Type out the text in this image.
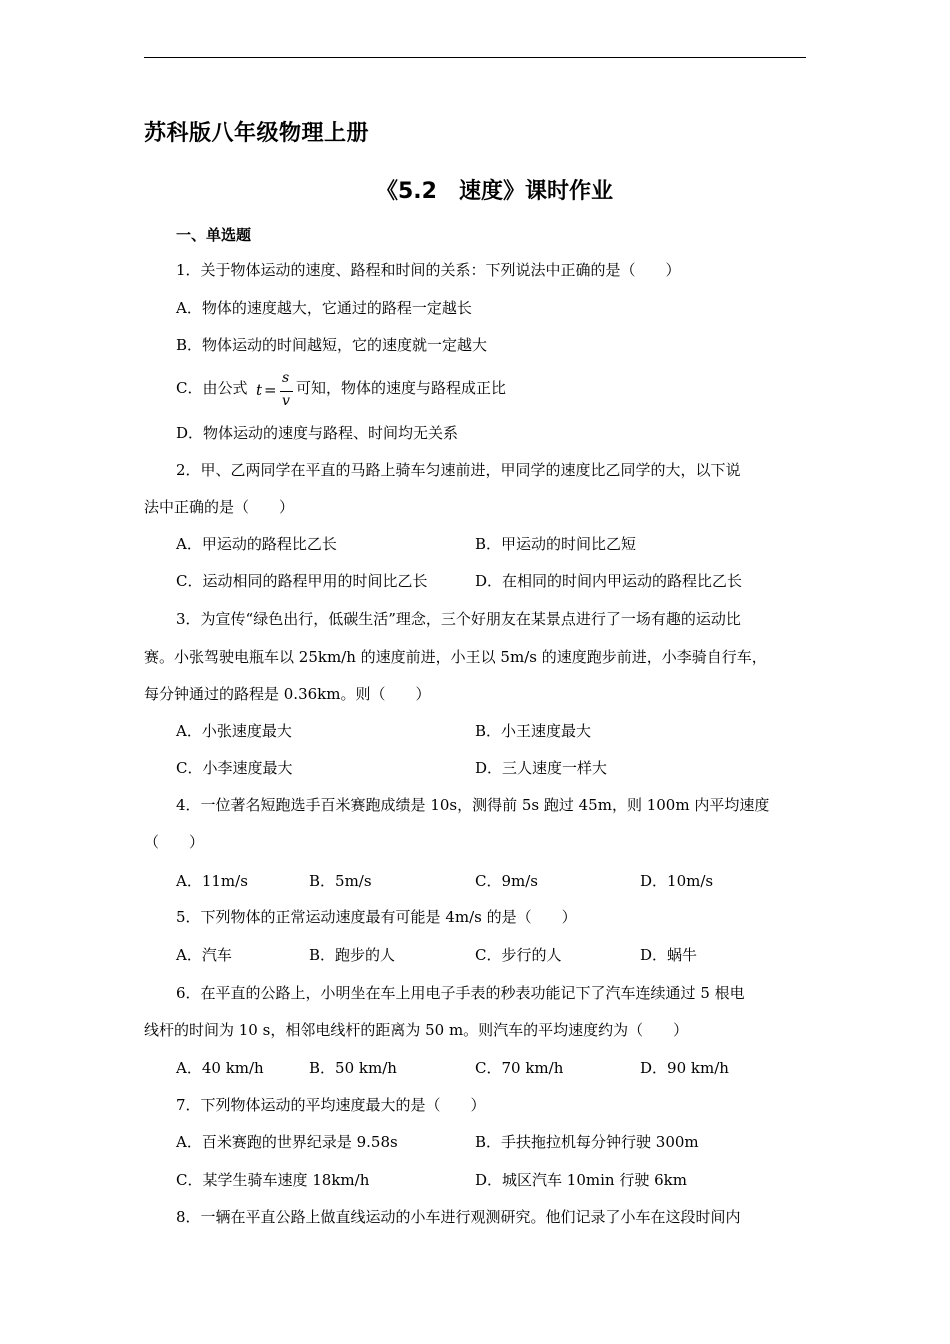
苏科版八年级物理上册
《5.2　速度》课时作业
一、单选题
1．关于物体运动的速度、路程和时间的关系：下列说法中正确的是（　　）
A．物体的速度越大，它通过的路程一定越长
B．物体运动的时间越短，它的速度就一定越大
C．由公式 t =
s
v
可知，物体的速度与路程成正比
D．物体运动的速度与路程、时间均无关系
2．甲、乙两同学在平直的马路上骑车匀速前进，甲同学的速度比乙同学的大，以下说
法中正确的是（　　）
A．甲运动的路程比乙长	B．甲运动的时间比乙短
C．运动相同的路程甲用的时间比乙长	D．在相同的时间内甲运动的路程比乙长
3．为宣传“绿色出行，低碳生活”理念，三个好朋友在某景点进行了一场有趣的运动比
赛。小张驾驶电瓶车以 25km/h 的速度前进，小王以 5m/s 的速度跑步前进，小李骑自行车，
每分钟通过的路程是 0.36km。则（　　）
A．小张速度最大	B．小王速度最大
C．小李速度最大	D．三人速度一样大
4．一位著名短跑选手百米赛跑成绩是 10s，测得前 5s 跑过 45m，则 100m 内平均速度
（　　）
A．11m/s	B．5m/s	C．9m/s	D．10m/s
5．下列物体的正常运动速度最有可能是 4m/s 的是（　　）
A．汽车	B．跑步的人	C．步行的人	D．蜗牛
6．在平直的公路上，小明坐在车上用电子手表的秒表功能记下了汽车连续通过 5 根电
线杆的时间为 10 s，相邻电线杆的距离为 50 m。则汽车的平均速度约为（　　）
A．40 km/h	B．50 km/h	C．70 km/h	D．90 km/h
7．下列物体运动的平均速度最大的是（　　）
A．百米赛跑的世界纪录是 9.58s	B．手扶拖拉机每分钟行驶 300m
C．某学生骑车速度 18km/h	D．城区汽车 10min 行驶 6km
8．一辆在平直公路上做直线运动的小车进行观测研究。他们记录了小车在这段时间内
